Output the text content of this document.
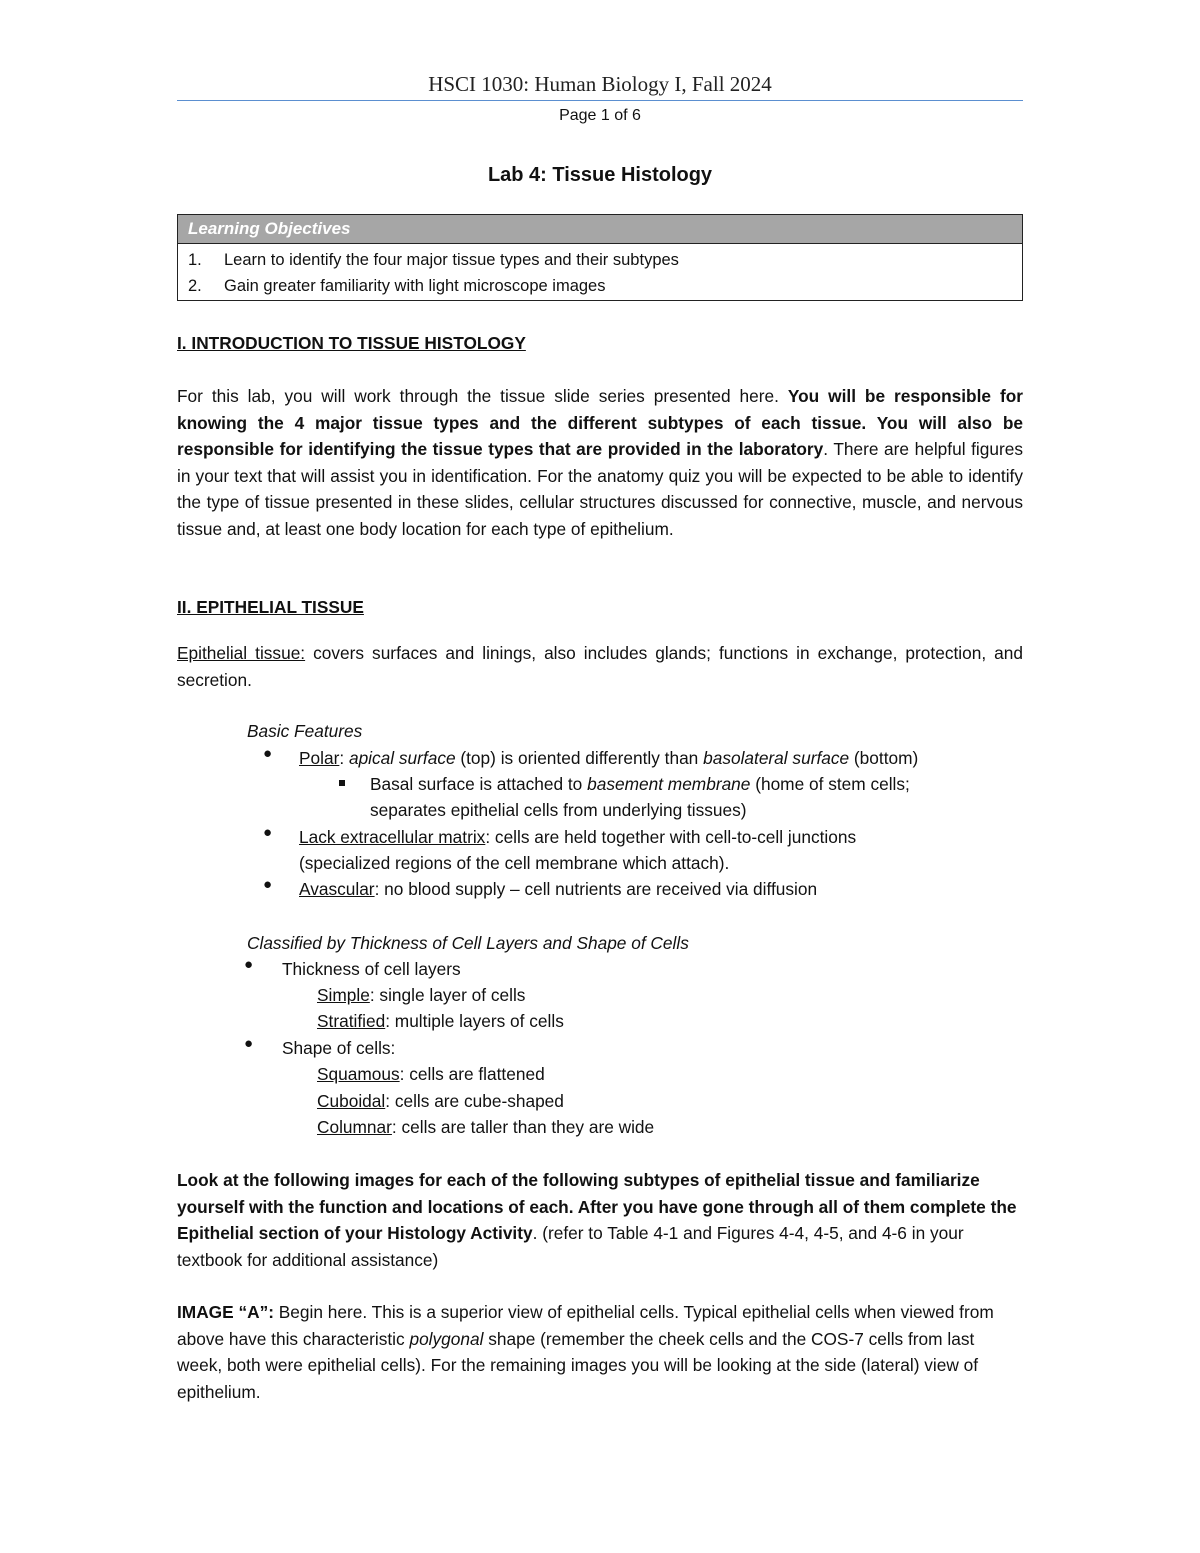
HSCI 1030: Human Biology I, Fall 2024
Page 1 of 6
Lab 4: Tissue Histology
Learning Objectives
1. Learn to identify the four major tissue types and their subtypes
2. Gain greater familiarity with light microscope images
I. INTRODUCTION TO TISSUE HISTOLOGY
For this lab, you will work through the tissue slide series presented here. You will be responsible for knowing the 4 major tissue types and the different subtypes of each tissue. You will also be responsible for identifying the tissue types that are provided in the laboratory. There are helpful figures in your text that will assist you in identification. For the anatomy quiz you will be expected to be able to identify the type of tissue presented in these slides, cellular structures discussed for connective, muscle, and nervous tissue and, at least one body location for each type of epithelium.
II. EPITHELIAL TISSUE
Epithelial tissue: covers surfaces and linings, also includes glands; functions in exchange, protection, and secretion.
Basic Features
● Polar: apical surface (top) is oriented differently than basolateral surface (bottom)
Basal surface is attached to basement membrane (home of stem cells;
separates epithelial cells from underlying tissues)
● Lack extracellular matrix: cells are held together with cell-to-cell junctions
(specialized regions of the cell membrane which attach).
● Avascular: no blood supply – cell nutrients are received via diffusion
Classified by Thickness of Cell Layers and Shape of Cells
● Thickness of cell layers
Simple: single layer of cells
Stratified: multiple layers of cells
● Shape of cells:
Squamous: cells are flattened
Cuboidal: cells are cube-shaped
Columnar: cells are taller than they are wide
Look at the following images for each of the following subtypes of epithelial tissue and familiarize yourself with the function and locations of each. After you have gone through all of them complete the Epithelial section of your Histology Activity. (refer to Table 4-1 and Figures 4-4, 4-5, and 4-6 in your textbook for additional assistance)
IMAGE “A”: Begin here. This is a superior view of epithelial cells. Typical epithelial cells when viewed from above have this characteristic polygonal shape (remember the cheek cells and the COS-7 cells from last week, both were epithelial cells). For the remaining images you will be looking at the side (lateral) view of epithelium.
